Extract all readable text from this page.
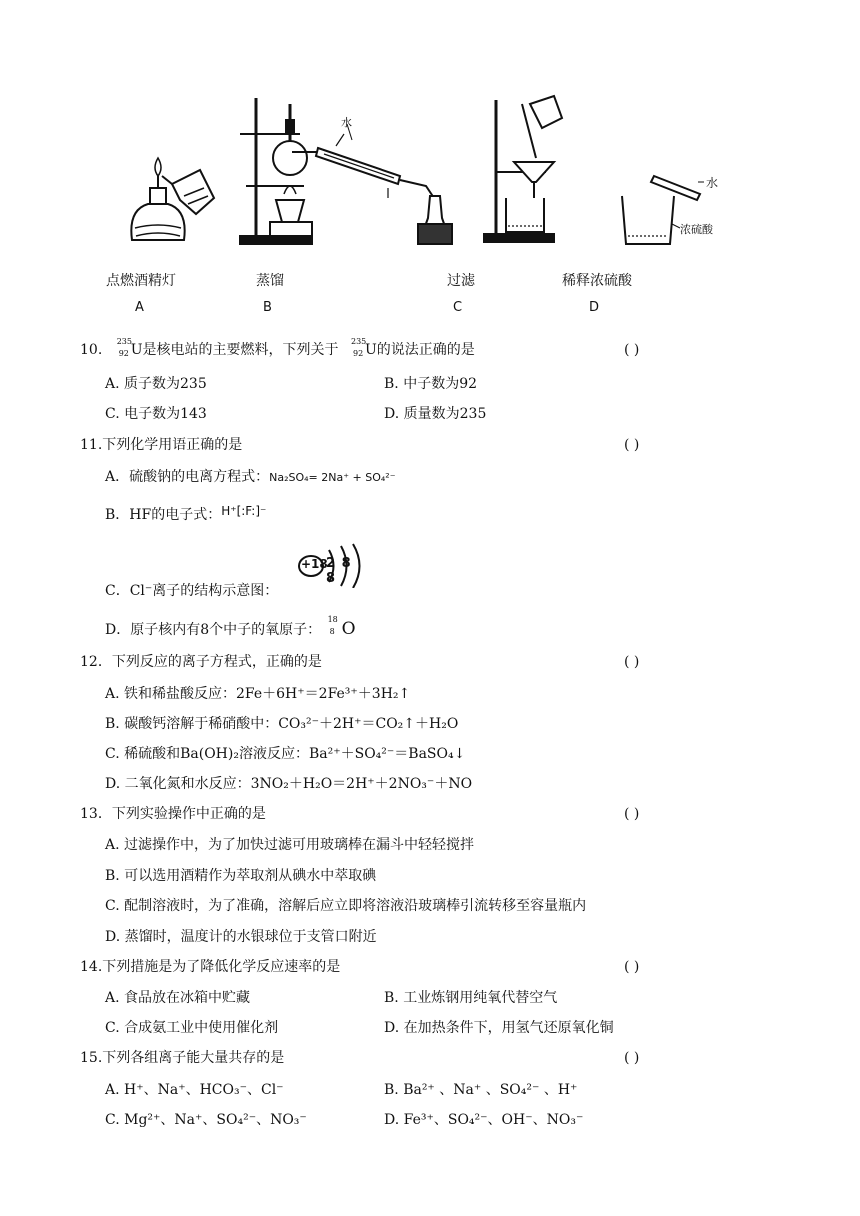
水
水
浓硫酸
点燃酒精灯	蒸馏	过滤	稀释浓硫酸
A	B	C	D
10.
235
92 U是核电站的主要燃料，下列关于
235
92 U的说法正确的是	( )
A. 质子数为235	B. 中子数为92
C. 电子数为143	D. 质量数为235
11.下列化学用语正确的是	( )
A．硫酸钠的电离方程式：Na₂SO₄= 2Na⁺ + SO₄²⁻
B．HF的电子式：H⁺[:F:]⁻
C．Cl⁻离子的结构示意图：
+18
2 8 8
D．原子核内有8个中子的氧原子：
18
8 O
12．下列反应的离子方程式，正确的是	( )
A. 铁和稀盐酸反应：2Fe＋6H⁺＝2Fe³⁺＋3H₂↑
B. 碳酸钙溶解于稀硝酸中：CO₃²⁻＋2H⁺＝CO₂↑＋H₂O
C. 稀硫酸和Ba(OH)₂溶液反应：Ba²⁺＋SO₄²⁻＝BaSO₄↓
D. 二氧化氮和水反应：3NO₂＋H₂O＝2H⁺＋2NO₃⁻＋NO
13．下列实验操作中正确的是	( )
A. 过滤操作中，为了加快过滤可用玻璃棒在漏斗中轻轻搅拌
B. 可以选用酒精作为萃取剂从碘水中萃取碘
C. 配制溶液时，为了准确，溶解后应立即将溶液沿玻璃棒引流转移至容量瓶内
D. 蒸馏时，温度计的水银球位于支管口附近
14.下列措施是为了降低化学反应速率的是	( )
A. 食品放在冰箱中贮藏	B. 工业炼钢用纯氧代替空气
C. 合成氨工业中使用催化剂	D. 在加热条件下，用氢气还原氧化铜
15.下列各组离子能大量共存的是	( )
A. H⁺、Na⁺、HCO₃⁻、Cl⁻	B. Ba²⁺ 、Na⁺ 、SO₄²⁻ 、H⁺
C. Mg²⁺、Na⁺、SO₄²⁻、NO₃⁻	D. Fe³⁺、SO₄²⁻、OH⁻、NO₃⁻
